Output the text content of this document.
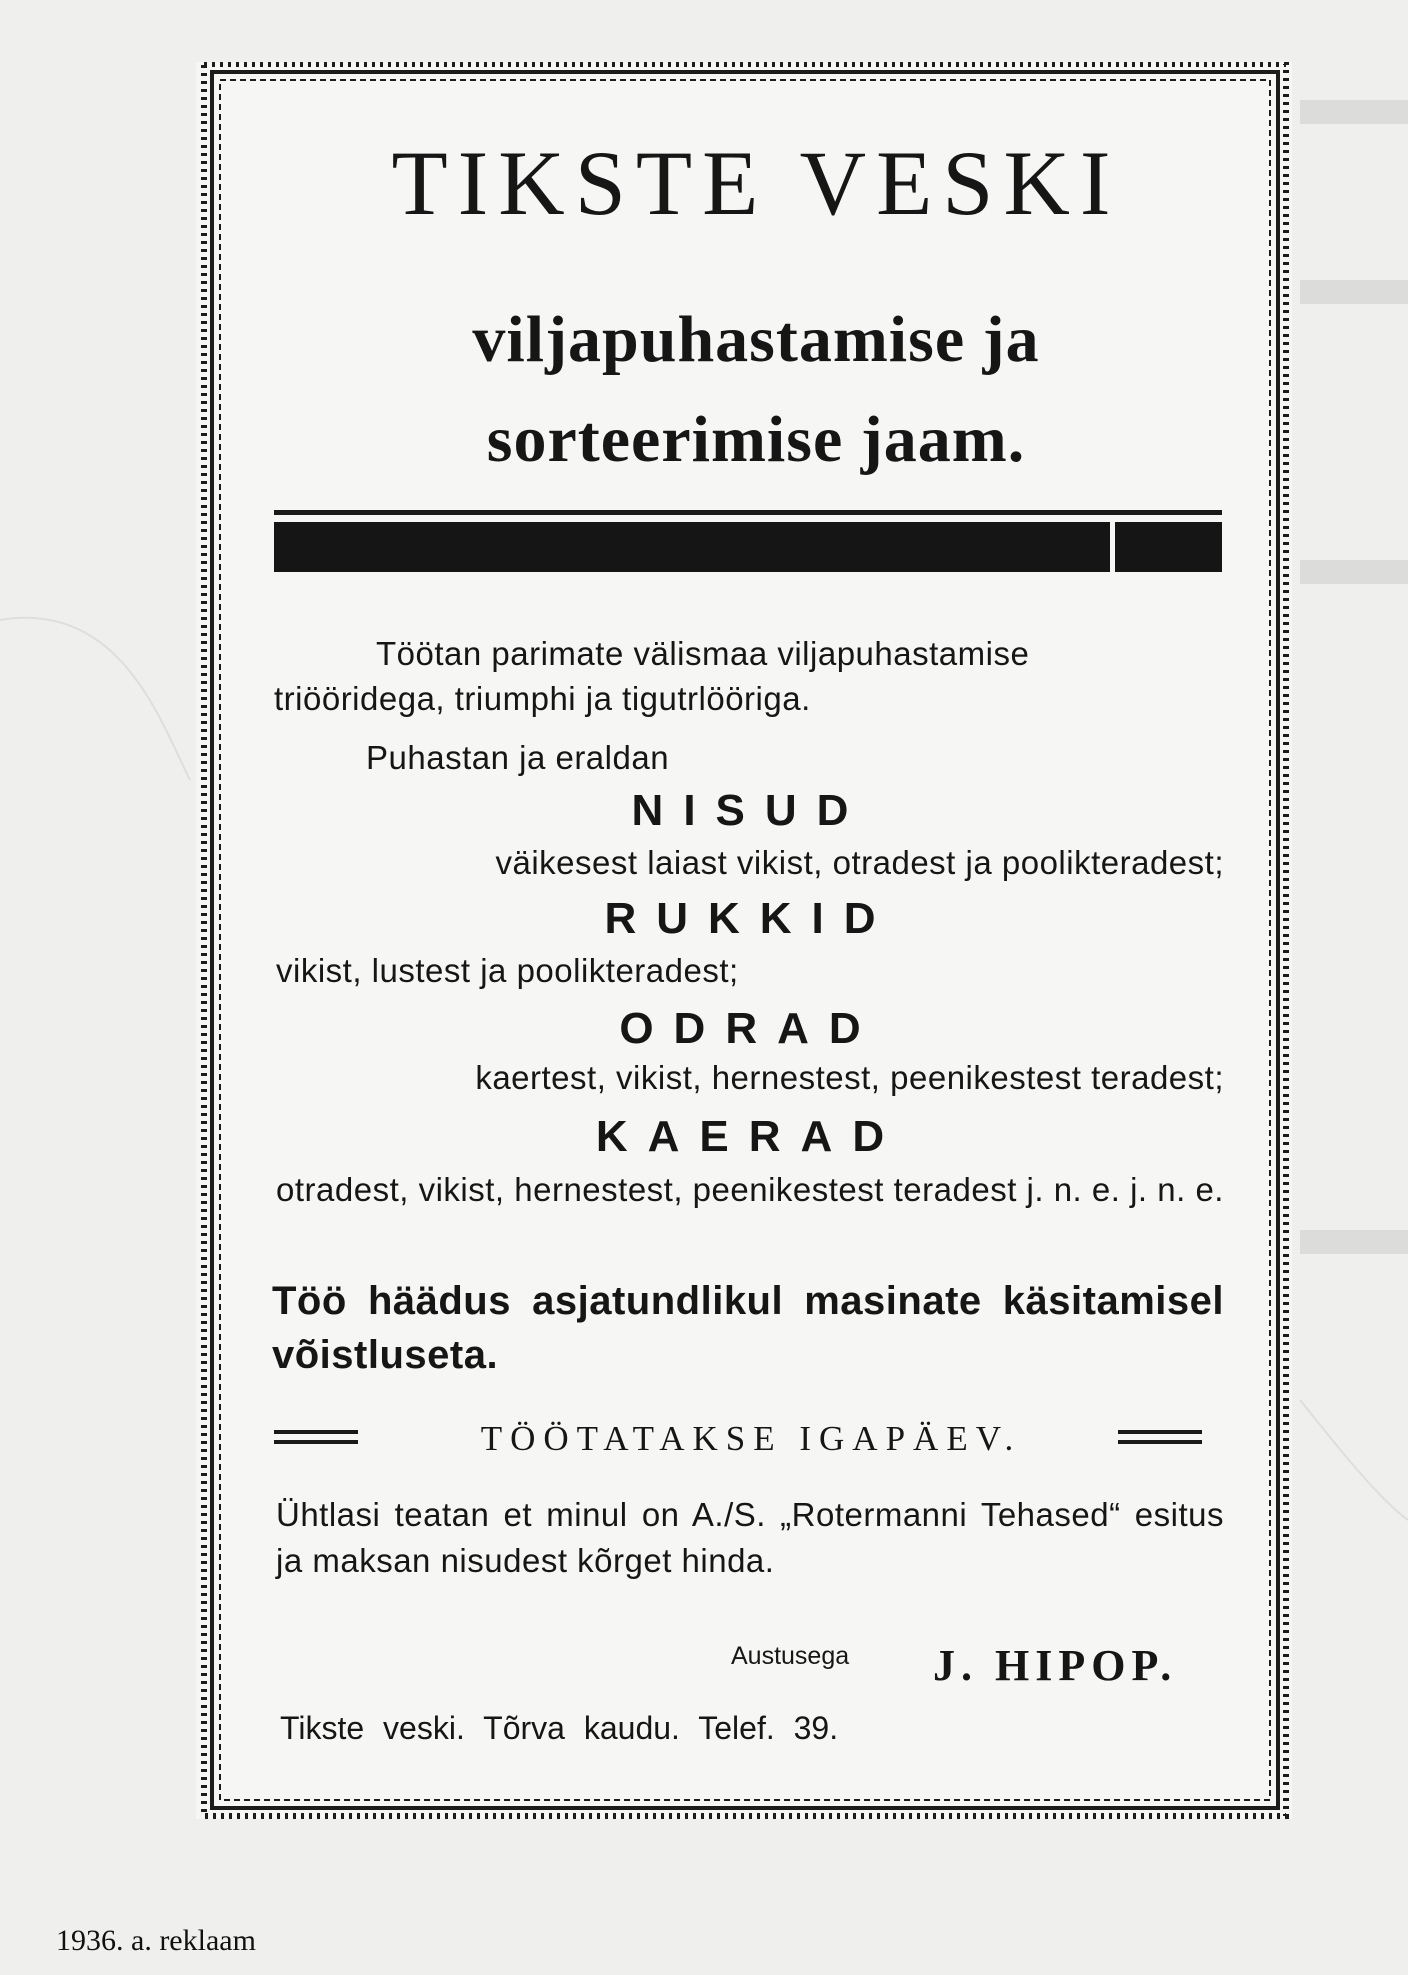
TIKSTE VESKI
viljapuhastamise ja
sorteerimise jaam.
Töötan parimate välismaa viljapuhastamise
triööridega, triumphi ja tigutrlööriga.
Puhastan ja eraldan
NISUD
väikesest laiast vikist, otradest ja poolikteradest;
RUKKID
vikist, lustest ja poolikteradest;
ODRAD
kaertest, vikist, hernestest, peenikestest teradest;
KAERAD
otradest, vikist, hernestest, peenikestest teradest j. n. e. j. n. e.
Töö häädus asjatundlikul masinate käsitamisel võistluseta.
TÖÖTATAKSE IGAPÄEV.
Ühtlasi teatan et minul on A./S. „Rotermanni Tehased“ esitus ja maksan nisudest kõrget hinda.
Austusega	J. HIPOP.
Tikste veski. Tõrva kaudu. Telef. 39.
1936. a. reklaam
